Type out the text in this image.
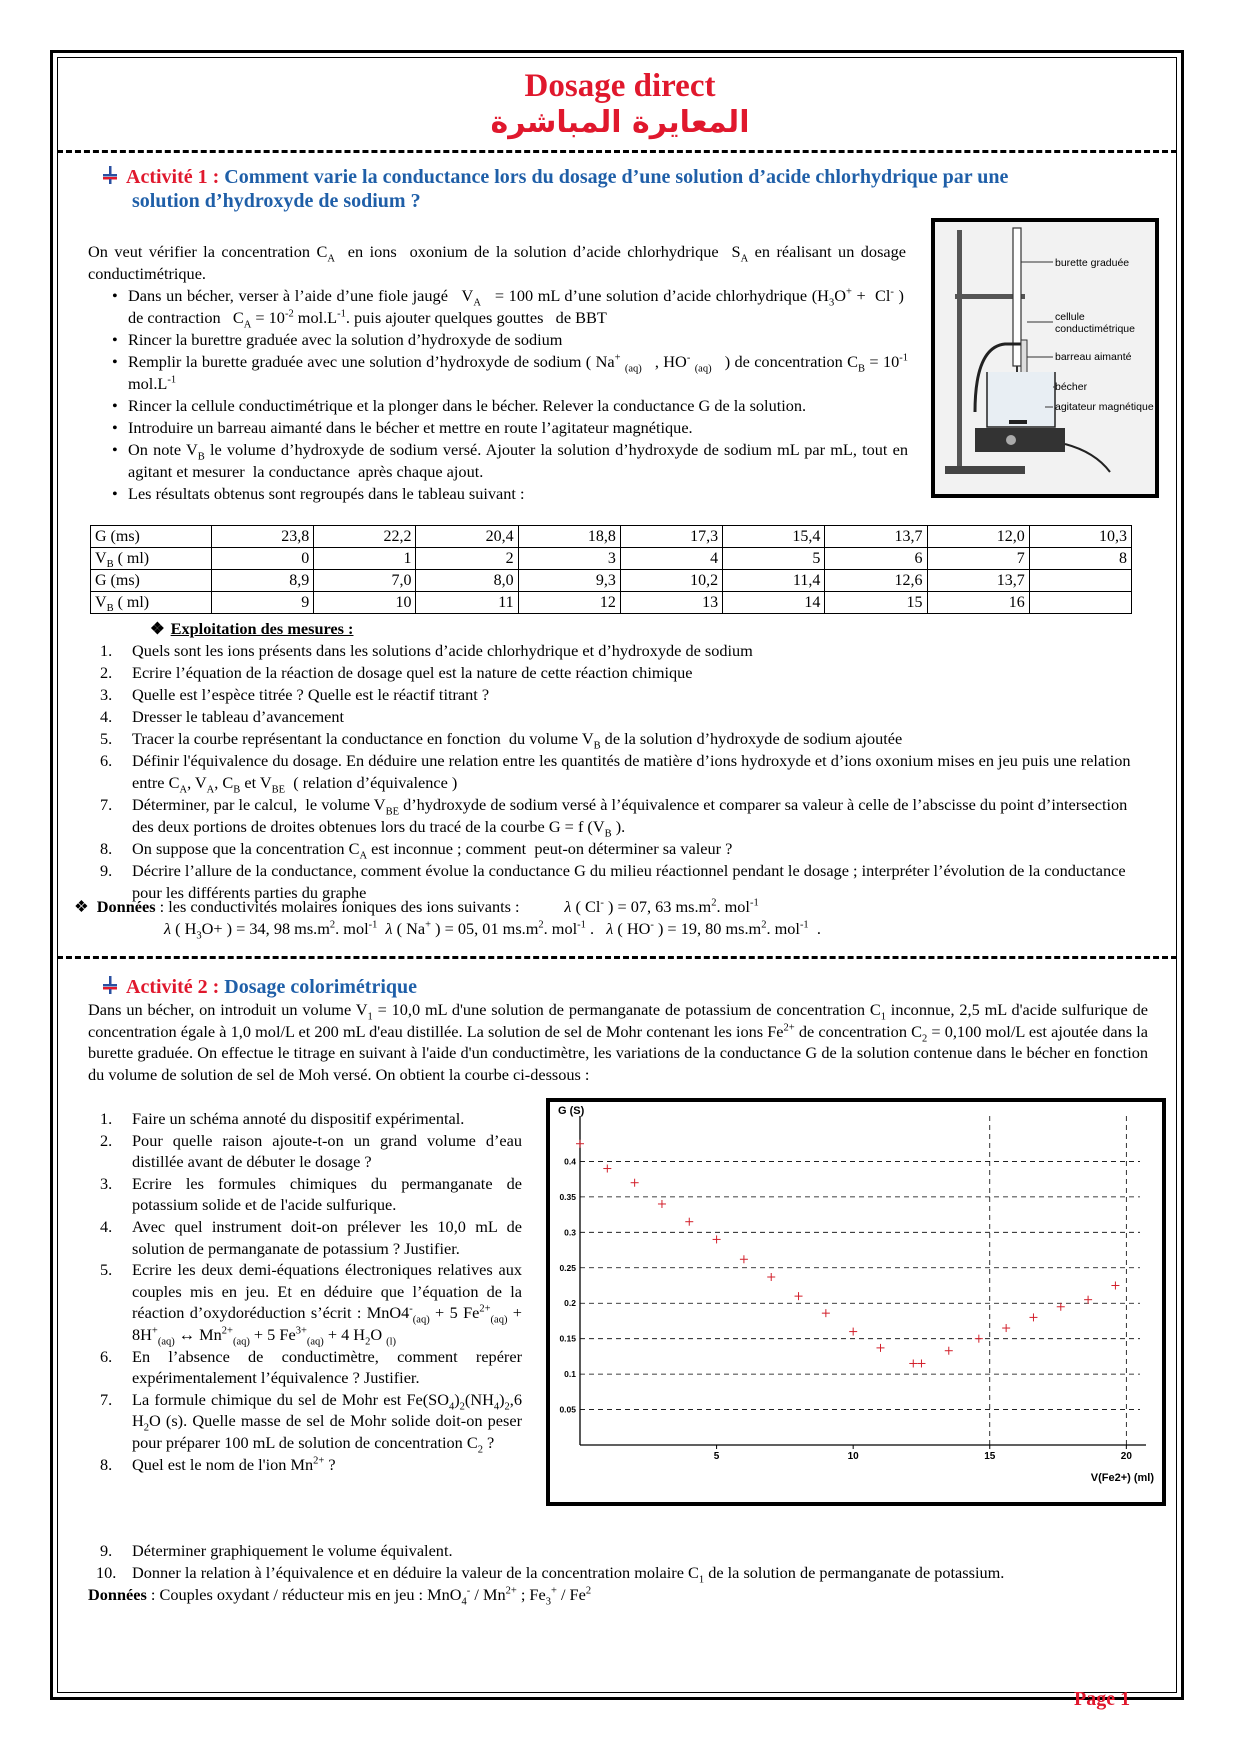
Dosage direct
المعايرة المباشرة
Activité 1 : Comment varie la conductance lors du dosage d’une solution d’acide chlorhydrique par une
solution d’hydroxyde de sodium ?
On veut vérifier la concentration $C_A$  en ions  oxonium de la solution d’acide chlorhydrique  $S_A$ en réalisant un dosage conductimétrique.
• Dans un bécher, verser à l’aide d’une fiole jaugé   $V_A = 100$ mL d’une solution d’acide chlorhydrique ($H_3O^+ + Cl^-$ )  de contraction   $C_A = 10^{-2}$ $mol.L^{-1}$. puis ajouter quelques gouttes   de BBT
• Rincer la burettre graduée avec la solution d’hydroxyde de sodium
• Remplir la burette graduée avec une solution d’hydroxyde de sodium ( Na+ $_{(aq)}$   , HO- $_{(aq)}$   ) de concentration $C_B = 10^{-1}$ $mol.L^{-1}$
• Rincer la cellule conductimétrique et la plonger dans le bécher. Relever la conductance G de la solution.
• Introduire un barreau aimanté dans le bécher et mettre en route l’agitateur magnétique.
• On note $V_B$ le volume d’hydroxyde de sodium versé. Ajouter la solution d’hydroxyde de sodium mL par mL, tout en agitant et mesurer  la conductance  après chaque ajout.
• Les résultats obtenus sont regroupés dans le tableau suivant :
burette graduée
cellule
conductimétrique
barreau aimanté
bécher
agitateur magnétique
G (ms)	23,8	22,2	20,4	18,8	17,3	15,4	13,7	12,0	10,3
$V_B$ ( ml)	0	1	2	3	4	5	6	7	8
G (ms)	8,9	7,0	8,0	9,3	10,2	11,4	12,6	13,7	
$V_B$ ( ml)	9	10	11	12	13	14	15	16	
❖ Exploitation des mesures :
1.	Quels sont les ions présents dans les solutions d’acide chlorhydrique et d’hydroxyde de sodium
2.	Ecrire l’équation de la réaction de dosage quel est la nature de cette réaction chimique
3.	Quelle est l’espèce titrée ? Quelle est le réactif titrant ?
4.	Dresser le tableau d’avancement
5.	Tracer la courbe représentant la conductance en fonction  du volume $V_B$ de la solution d’hydroxyde de sodium ajoutée
6.	Définir l'équivalence du dosage. En déduire une relation entre les quantités de matière d’ions hydroxyde et d’ions oxonium mises en jeu puis une relation entre $C_A$, $V_A$, $C_B$ et $V_{BE}$  ( relation d’équivalence )
7.	Déterminer, par le calcul,  le volume $V_{BE}$ d’hydroxyde de sodium versé à l’équivalence et comparer sa valeur à celle de l’abscisse du point d’intersection des deux portions de droites obtenues lors du tracé de la courbe G = f ($V_B$ ).
8.	On suppose que la concentration $C_A$ est inconnue ; comment  peut-on déterminer sa valeur ?
9.	Décrire l’allure de la conductance, comment évolue la conductance G du milieu réactionnel pendant le dosage ; interpréter l’évolution de la conductance pour les différents parties du graphe
❖ Données : les conductivités molaires ioniques des ions suivants :	λ ( Cl- ) = 07, 63 $ms.m^2$. mol$^{-1}$
λ ( $H_3O+$ ) = 34, 98 $ms.m^2$. mol$^{-1}$ λ ( Na+ ) = 05, 01 $ms.m^2$. mol$^{-1}$ .   λ ( HO- ) = 19, 80 $ms.m^2$. mol$^{-1}$  .
Activité 2 : Dosage colorimétrique
Dans un bécher, on introduit un volume $V_1 = 10,0$ mL d'une solution de permanganate de potassium de concentration $C_1$ inconnue, 2,5 mL d'acide sulfurique de concentration égale à 1,0 mol/L et 200 mL d'eau distillée. La solution de sel de Mohr contenant les ions $Fe^{2+}$ de concentration $C_2 = 0,100$ mol/L est ajoutée dans la burette graduée. On effectue le titrage en suivant à l'aide d'un conductimètre, les variations de la conductance G de la solution contenue dans le bécher en fonction du volume de solution de sel de Moh versé. On obtient la courbe ci-dessous :
1.	Faire un schéma annoté du dispositif expérimental.
2.	Pour quelle raison ajoute-t-on un grand volume d’eau distillée avant de débuter le dosage ?
3.	Ecrire les formules chimiques du permanganate de potassium solide et de l'acide sulfurique.
4.	Avec quel instrument doit-on prélever les 10,0 mL de solution de permanganate de potassium ? Justifier.
5.	Ecrire les deux demi-équations électroniques relatives aux couples mis en jeu. Et en déduire que l’équation de la réaction d’oxydoréduction s’écrit : $MnO4^-_{(aq)} + 5$ $Fe^{2+}_{(aq)} + 8H^+_{(aq)}$ ↔ $Mn^{2+}_{(aq)} + 5$ $Fe^{3+}_{(aq)} + 4$ $H_2O$ $_{(l)}$
6.	En l’absence de conductimètre, comment repérer expérimentalement l’équivalence ? Justifier.
7.	La formule chimique du sel de Mohr est $Fe(SO_4)_2(NH_4)_2,6$ $H_2O$ (s). Quelle masse de sel de Mohr solide doit-on peser pour préparer 100 mL de solution de concentration $C_2$ ?
8.	Quel est le nom de l'ion $Mn^{2+}$ ?
9.	Déterminer graphiquement le volume équivalent.
10. Donner la relation à l’équivalence et en déduire la valeur de la concentration molaire $C_1$ de la solution de permanganate de potassium.
Données : Couples oxydant / réducteur mis en jeu : $MnO_4^- / Mn^{2+}$ ; $Fe_3^+ / Fe^2$
0.05
0.1
0.15
0.2
0.25
0.3
0.35
0.4
5	10	15	20
G (S)
V(Fe2+) (ml)
Page 1
